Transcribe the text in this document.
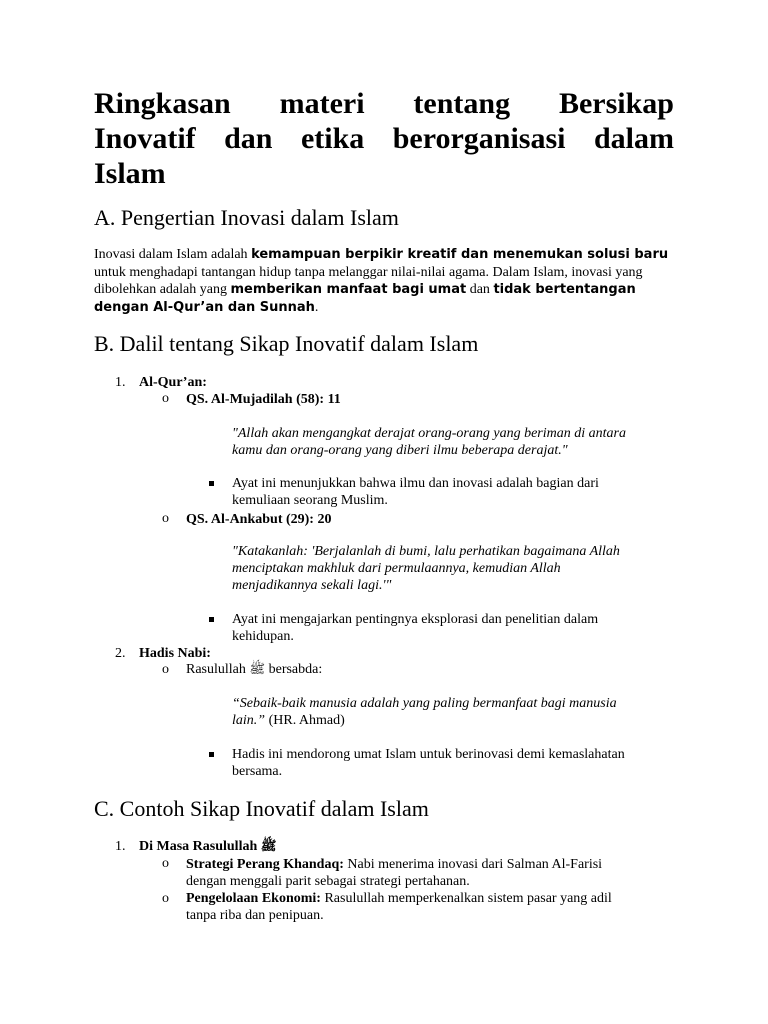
Ringkasan materi tentang Bersikap
Inovatif dan etika berorganisasi dalam
Islam
A. Pengertian Inovasi dalam Islam
Inovasi dalam Islam adalah kemampuan berpikir kreatif dan menemukan solusi baru untuk menghadapi tantangan hidup tanpa melanggar nilai-nilai agama. Dalam Islam, inovasi yang dibolehkan adalah yang memberikan manfaat bagi umat dan tidak bertentangan dengan Al-Qur’an dan Sunnah.
B. Dalil tentang Sikap Inovatif dalam Islam
1. Al-Qur’an:
o QS. Al-Mujadilah (58): 11
"Allah akan mengangkat derajat orang-orang yang beriman di antara
kamu dan orang-orang yang diberi ilmu beberapa derajat."
Ayat ini menunjukkan bahwa ilmu dan inovasi adalah bagian dari
kemuliaan seorang Muslim.
o QS. Al-Ankabut (29): 20
"Katakanlah: 'Berjalanlah di bumi, lalu perhatikan bagaimana Allah
menciptakan makhluk dari permulaannya, kemudian Allah
menjadikannya sekali lagi.'"
Ayat ini mengajarkan pentingnya eksplorasi dan penelitian dalam
kehidupan.
2. Hadis Nabi:
o Rasulullah ﷺ bersabda:
“Sebaik-baik manusia adalah yang paling bermanfaat bagi manusia
lain.” (HR. Ahmad)
Hadis ini mendorong umat Islam untuk berinovasi demi kemaslahatan
bersama.
C. Contoh Sikap Inovatif dalam Islam
1. Di Masa Rasulullah ﷺ
o Strategi Perang Khandaq: Nabi menerima inovasi dari Salman Al-Farisi
dengan menggali parit sebagai strategi pertahanan.
o Pengelolaan Ekonomi: Rasulullah memperkenalkan sistem pasar yang adil
tanpa riba dan penipuan.
